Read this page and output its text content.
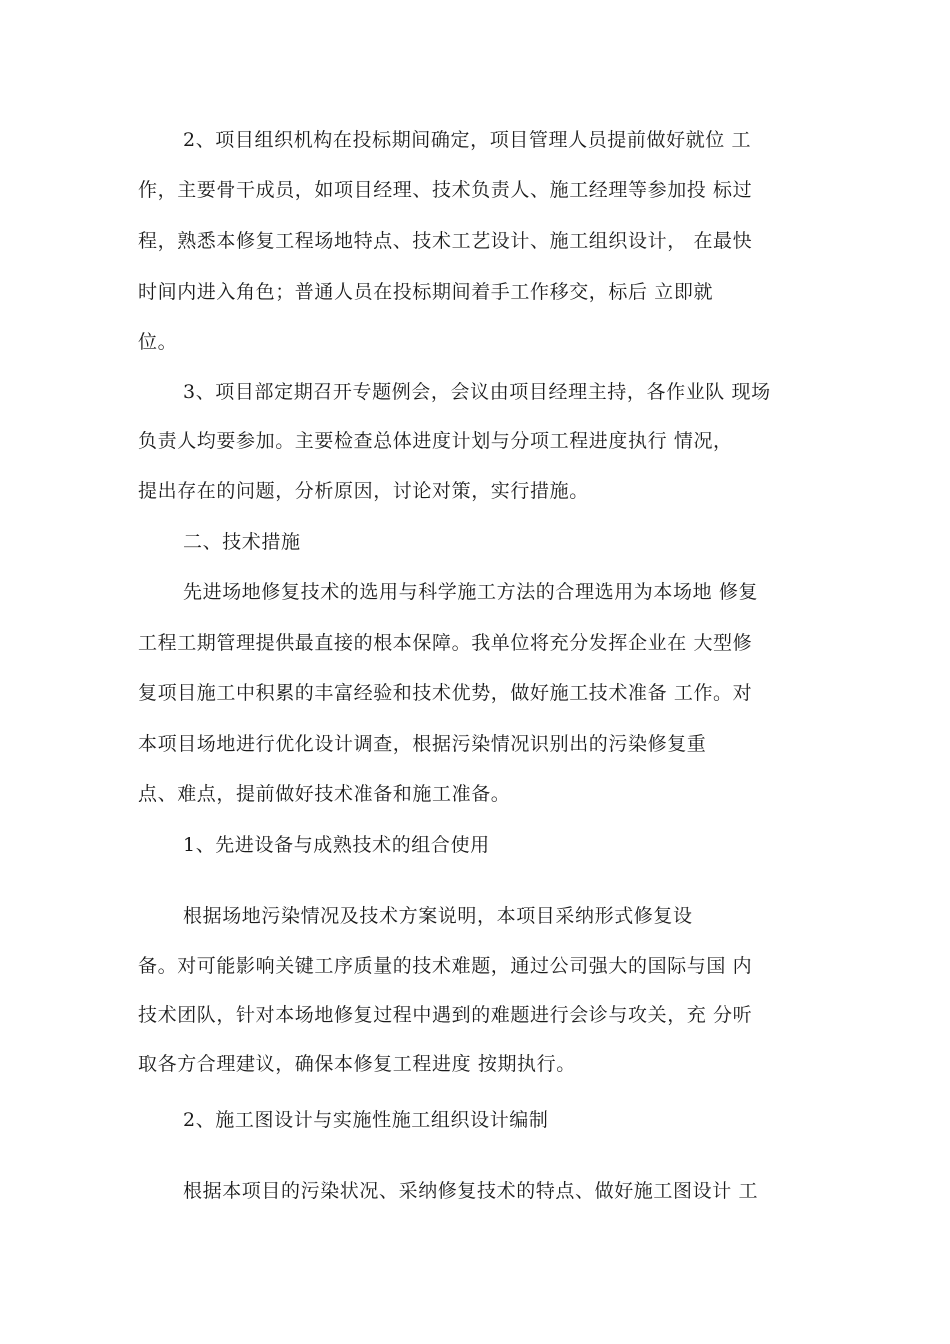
2、项目组织机构在投标期间确定，项目管理人员提前做好就位 工
作，主要骨干成员，如项目经理、技术负责人、施工经理等参加投 标过
程，熟悉本修复工程场地特点、技术工艺设计、施工组织设计， 在最快
时间内进入角色；普通人员在投标期间着手工作移交，标后 立即就
位。
3、项目部定期召开专题例会，会议由项目经理主持，各作业队 现场
负责人均要参加。主要检查总体进度计划与分项工程进度执行 情况，
提出存在的问题，分析原因，讨论对策，实行措施。
二、技术措施
先进场地修复技术的选用与科学施工方法的合理选用为本场地 修复
工程工期管理提供最直接的根本保障。我单位将充分发挥企业在 大型修
复项目施工中积累的丰富经验和技术优势，做好施工技术准备 工作。对
本项目场地进行优化设计调查，根据污染情况识别出的污染修复重
点、难点，提前做好技术准备和施工准备。
1、先进设备与成熟技术的组合使用
根据场地污染情况及技术方案说明，本项目采纳形式修复设
备。对可能影响关键工序质量的技术难题，通过公司强大的国际与国 内
技术团队，针对本场地修复过程中遇到的难题进行会诊与攻关，充 分听
取各方合理建议，确保本修复工程进度 按期执行。
2、施工图设计与实施性施工组织设计编制
根据本项目的污染状况、采纳修复技术的特点、做好施工图设计 工
